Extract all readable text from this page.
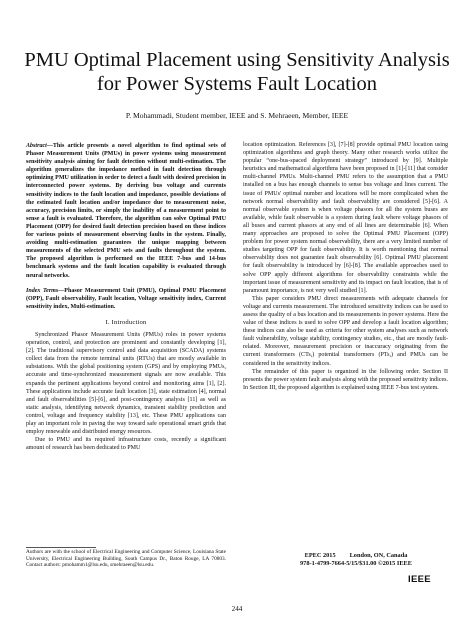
PMU Optimal Placement using Sensitivity Analysis for Power Systems Fault Location
P. Mohammadi, Student member, IEEE and S. Mehraeen, Member, IEEE
Abstract—This article presents a novel algorithm to find optimal sets of Phasor Measurement Units (PMUs) in power systems using measurement sensitivity analysis aiming for fault detection without multi-estimation. The algorithm generalizes the impedance method in fault detection through optimizing PMU utilization in order to detect a fault with desired precision in interconnected power systems. By deriving bus voltage and currents sensitivity indices to the fault location and impedance, possible deviations of the estimated fault location and/or impedance due to measurement noise, accuracy, precision limits, or simply the inability of a measurement point to sense a fault is evaluated. Therefore, the algorithm can solve Optimal PMU Placement (OPP) for desired fault detection precision based on these indices for various points of measurement observing faults in the system. Finally, avoiding multi-estimation guarantees the unique mapping between measurements of the selected PMU sets and faults throughout the system. The proposed algorithm is performed on the IEEE 7-bus and 14-bus benchmark systems and the fault location capability is evaluated through neural networks.
Index Terms—Phasor Measurement Unit (PMU), Optimal PMU Placement (OPP), Fault observability, Fault location, Voltage sensitivity index, Current sensitivity index, Multi-estimation.
I. Introduction

Synchronized Phasor Measurement Units (PMUs) roles in power systems operation, control, and protection are prominent and constantly developing [1], [2]. The traditional supervisory control and data acquisition (SCADA) systems collect data from the remote terminal units (RTUs) that are mostly available in substations. With the global positioning system (GPS) and by employing PMUs, accurate and time-synchronized measurement signals are now available. This expands the pertinent applications beyond control and monitoring aims [1], [2]. These applications include accurate fault location [3], state estimation [4], normal and fault observabilities [5]-[6], and post-contingency analysis [11] as well as static analysis, identifying network dynamics, transient stability prediction and control, voltage and frequency stability [13], etc. These PMU applications can play an important role in paving the way toward safe operational smart grids that employ renewable and distributed energy resources.

Due to PMU and its required infrastructure costs, recently a significant amount of research has been dedicated to PMU

location optimization. References [3], [7]-[8] provide optimal PMU location using optimization algorithms and graph theory. Many other research works utilize the popular “one-bus-spaced deployment strategy” introduced by [9]. Multiple heuristics and mathematical algorithms have been proposed in [1]-[11] that consider multi-channel PMUs. Multi-channel PMU refers to the assumption that a PMU installed on a bus has enough channels to sense bus voltage and lines current. The issue of PMUs' optimal number and locations will be more complicated when the network normal observability and fault observability are considered [5]-[6]. A normal observable system is when voltage phasors for all the system buses are available, while fault observable is a system during fault where voltage phasors of all buses and current phasors at any end of all lines are determinable [6]. When many approaches are proposed to solve the Optimal PMU Placement (OPP) problem for power system normal observability, there are a very limited number of studies targeting OPP for fault observability. It is worth mentioning that normal observability does not guarantee fault observability [6]. Optimal PMU placement for fault observability is introduced by [6]-[8]. The available approaches used to solve OPP apply different algorithms for observability constraints while the important issue of measurement sensitivity and its impact on fault location, that is of paramount importance, is not very well studied [1].

This paper considers PMU direct measurements with adequate channels for voltage and currents measurement. The introduced sensitivity indices can be used to assess the quality of a bus location and its measurements in power systems. Here the value of these indices is used to solve OPP and develop a fault location algorithm; these indices can also be used as criteria for other system analyses such as network fault vulnerability, voltage stability, contingency studies, etc., that are mostly fault-related. Moreover, measurement precision or inaccuracy originating from the current transformers (CTs,) potential transformers (PTs,) and PMUs can be considered in the sensitivity indices.

The remainder of this paper is organized in the following order. Section II presents the power system fault analysis along with the proposed sensitivity indices. In Section III, the proposed algorithm is explained using IEEE 7-bus test system.

Authors are with the school of Electrical Engineering and Computer Science, Louisiana State University, Electrical Engineering Building, South Campus Dr., Baton Rouge, LA 70803. Contact authors: pmohamm1@lsu.edu, smehraeen@lsu.edu.
EPEC 2015 London, ON, Canada
978-1-4799-7664-5/15/$31.00 ©2015 IEEE
IEEE
244
